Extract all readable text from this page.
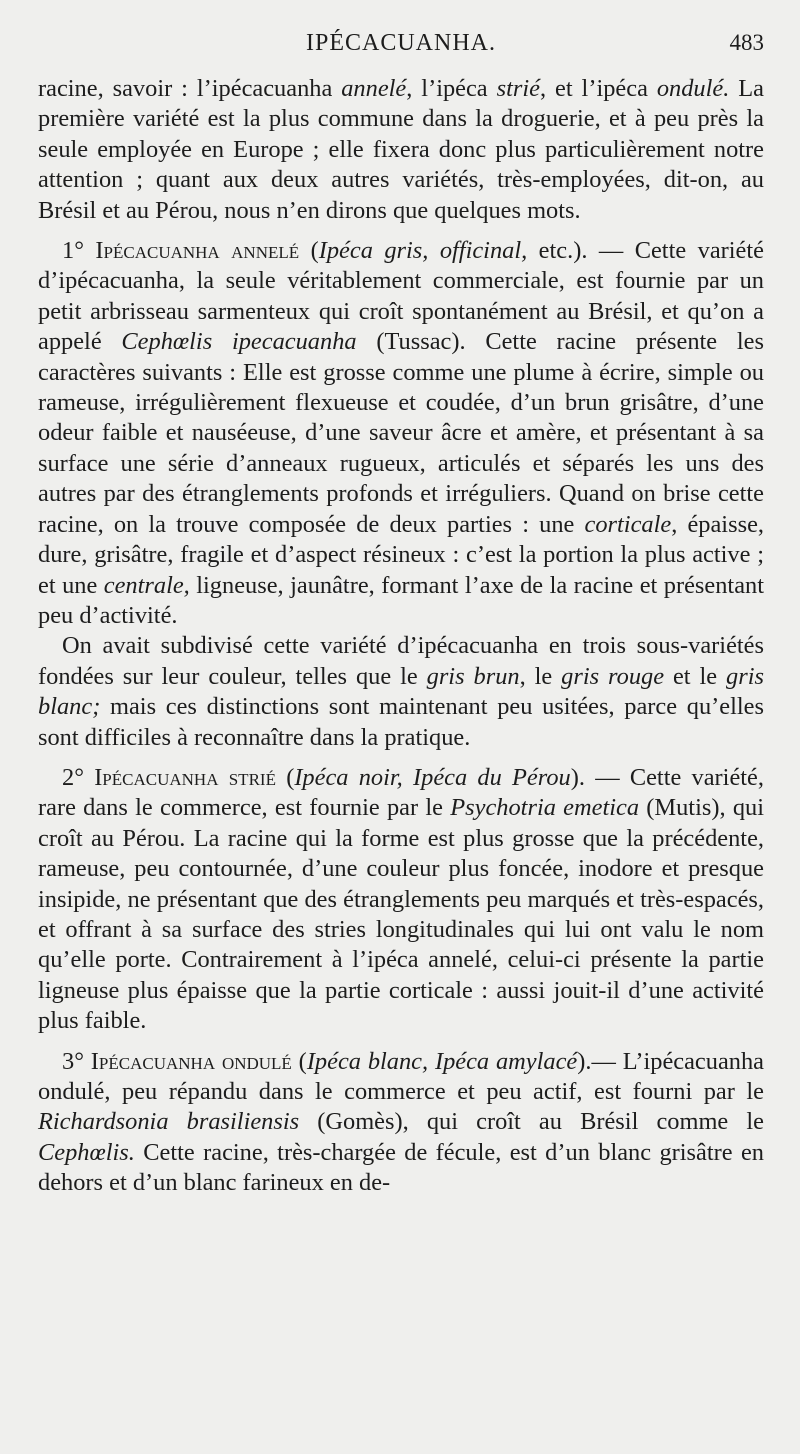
IPÉCACUANHA.	483

racine, savoir : l’ipécacuanha annelé, l’ipéca strié, et l’ipéca ondulé. La première variété est la plus commune dans la droguerie, et à peu près la seule employée en Europe ; elle fixera donc plus particulièrement notre attention ; quant aux deux autres variétés, très-employées, dit-on, au Brésil et au Pérou, nous n’en dirons que quelques mots.

1° Ipécacuanha annelé (Ipéca gris, officinal, etc.). — Cette variété d’ipécacuanha, la seule véritablement commerciale, est fournie par un petit arbrisseau sarmenteux qui croît spontanément au Brésil, et qu’on a appelé Cephœlis ipecacuanha (Tussac). Cette racine présente les caractères suivants : Elle est grosse comme une plume à écrire, simple ou rameuse, irrégulièrement flexueuse et coudée, d’un brun grisâtre, d’une odeur faible et nauséeuse, d’une saveur âcre et amère, et présentant à sa surface une série d’anneaux rugueux, articulés et séparés les uns des autres par des étranglements profonds et irréguliers. Quand on brise cette racine, on la trouve composée de deux parties : une corticale, épaisse, dure, grisâtre, fragile et d’aspect résineux : c’est la portion la plus active ; et une centrale, ligneuse, jaunâtre, formant l’axe de la racine et présentant peu d’activité.

On avait subdivisé cette variété d’ipécacuanha en trois sous-variétés fondées sur leur couleur, telles que le gris brun, le gris rouge et le gris blanc; mais ces distinctions sont maintenant peu usitées, parce qu’elles sont difficiles à reconnaître dans la pratique.

2° Ipécacuanha strié (Ipéca noir, Ipéca du Pérou). — Cette variété, rare dans le commerce, est fournie par le Psychotria emetica (Mutis), qui croît au Pérou. La racine qui la forme est plus grosse que la précédente, rameuse, peu contournée, d’une couleur plus foncée, inodore et presque insipide, ne présentant que des étranglements peu marqués et très-espacés, et offrant à sa surface des stries longitudinales qui lui ont valu le nom qu’elle porte. Contrairement à l’ipéca annelé, celui-ci présente la partie ligneuse plus épaisse que la partie corticale : aussi jouit-il d’une activité plus faible.

3° Ipécacuanha ondulé (Ipéca blanc, Ipéca amylacé).— L’ipécacuanha ondulé, peu répandu dans le commerce et peu actif, est fourni par le Richardsonia brasiliensis (Gomès), qui croît au Brésil comme le Cephœlis. Cette racine, très-chargée de fécule, est d’un blanc grisâtre en dehors et d’un blanc farineux en de-
